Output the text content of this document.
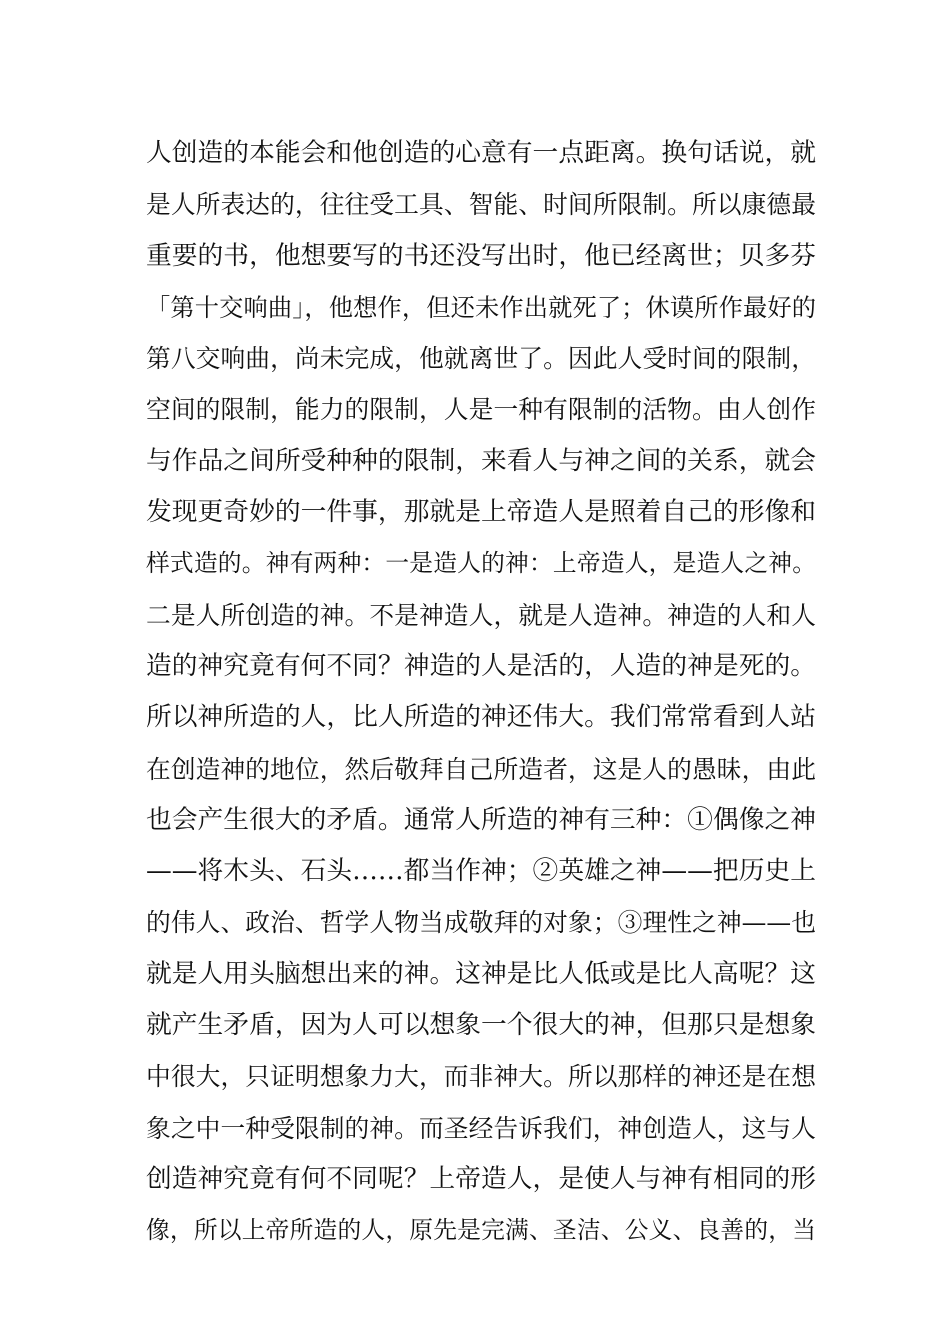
人创造的本能会和他创造的心意有一点距离。换句话说，就
是人所表达的，往往受工具、智能、时间所限制。所以康德最
重要的书，他想要写的书还没写出时，他已经离世；贝多芬
「第十交响曲」，他想作，但还未作出就死了；休谟所作最好的
第八交响曲，尚未完成，他就离世了。因此人受时间的限制，
空间的限制，能力的限制，人是一种有限制的活物。由人创作
与作品之间所受种种的限制，来看人与神之间的关系，就会
发现更奇妙的一件事，那就是上帝造人是照着自己的形像和
样式造的。神有两种：一是造人的神：上帝造人，是造人之神。
二是人所创造的神。不是神造人，就是人造神。神造的人和人
造的神究竟有何不同？神造的人是活的，人造的神是死的。
所以神所造的人，比人所造的神还伟大。我们常常看到人站
在创造神的地位，然后敬拜自己所造者，这是人的愚昧，由此
也会产生很大的矛盾。通常人所造的神有三种：①偶像之神
——将木头、石头……都当作神；②英雄之神——把历史上
的伟人、政治、哲学人物当成敬拜的对象；③理性之神——也
就是人用头脑想出来的神。这神是比人低或是比人高呢？这
就产生矛盾，因为人可以想象一个很大的神，但那只是想象
中很大，只证明想象力大，而非神大。所以那样的神还是在想
象之中一种受限制的神。而圣经告诉我们，神创造人，这与人
创造神究竟有何不同呢？上帝造人，是使人与神有相同的形
像，所以上帝所造的人，原先是完满、圣洁、公义、良善的，当
